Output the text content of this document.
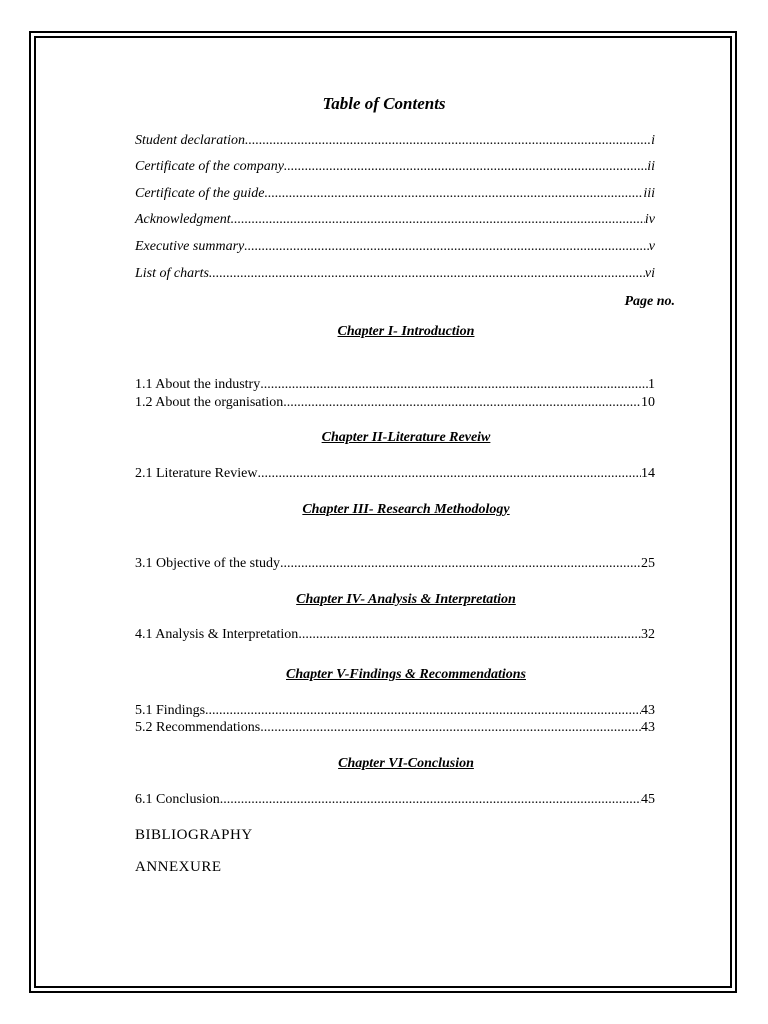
Table of Contents
Student declaration .....	i
Certificate of the company .....	ii
Certificate of the guide .....	iii
Acknowledgment .....	iv
Executive summary .....	v
List of charts .....	vi
Page no.
Chapter I- Introduction
1.1 About the industry .....	1
1.2 About the organisation .....	10
Chapter II-Literature Reveiw
2.1 Literature Review .....	14
Chapter III- Research Methodology
3.1 Objective of the study .....	25
Chapter IV- Analysis & Interpretation
4.1 Analysis & Interpretation .....	32
Chapter V-Findings & Recommendations
5.1 Findings .....	43
5.2 Recommendations .....	43
Chapter VI-Conclusion
6.1 Conclusion .....	45
BIBLIOGRAPHY
ANNEXURE
